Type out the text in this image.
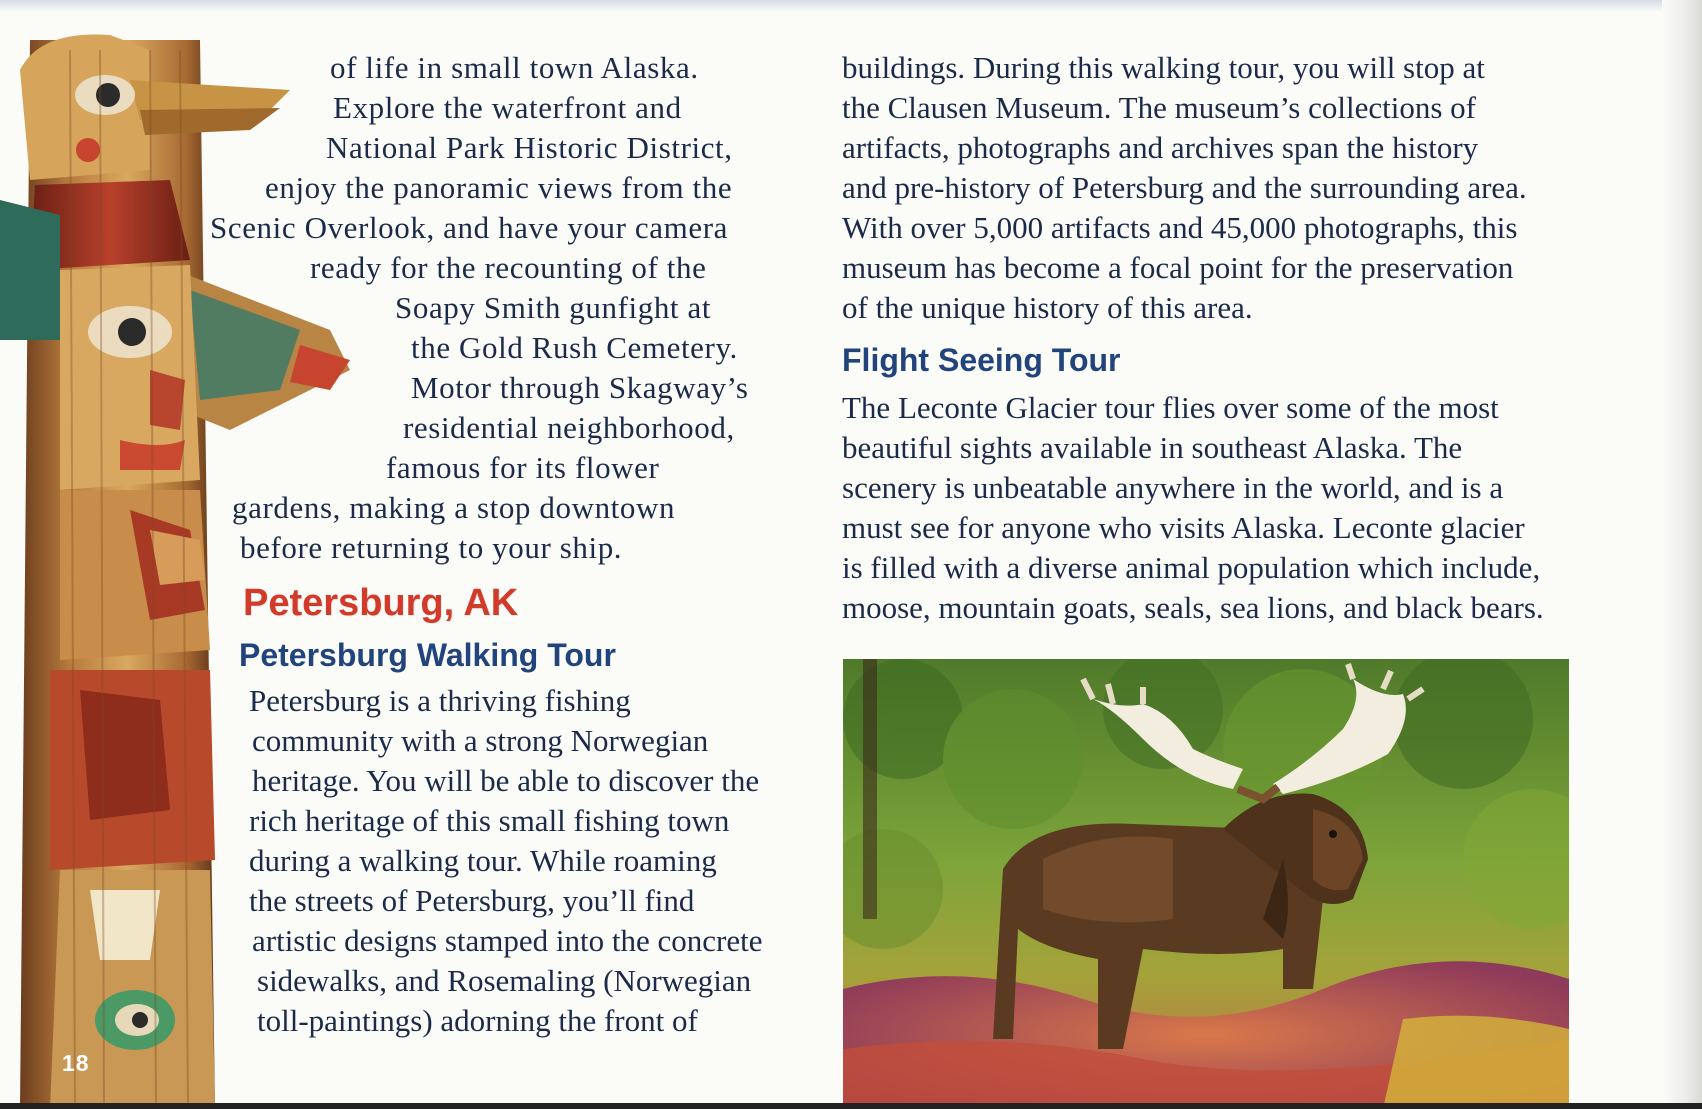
18
of life in small town Alaska.
Explore the waterfront and
National Park Historic District,
enjoy the panoramic views from the
Scenic Overlook, and have your camera
ready for the recounting of the
Soapy Smith gunfight at
the Gold Rush Cemetery.
Motor through Skagway’s
residential neighborhood,
famous for its flower
gardens, making a stop downtown
before returning to your ship.
Petersburg, AK
Petersburg Walking Tour
Petersburg is a thriving fishing
community with a strong Norwegian
heritage. You will be able to discover the
rich heritage of this small fishing town
during a walking tour. While roaming
the streets of Petersburg, you’ll find
artistic designs stamped into the concrete
sidewalks, and Rosemaling (Norwegian
toll-paintings) adorning the front of
buildings. During this walking tour, you will stop at
the Clausen Museum. The museum’s collections of
artifacts, photographs and archives span the history
and pre-history of Petersburg and the surrounding area.
With over 5,000 artifacts and 45,000 photographs, this
museum has become a focal point for the preservation
of the unique history of this area.
Flight Seeing Tour
The Leconte Glacier tour flies over some of the most
beautiful sights available in southeast Alaska. The
scenery is unbeatable anywhere in the world, and is a
must see for anyone who visits Alaska. Leconte glacier
is filled with a diverse animal population which include,
moose, mountain goats, seals, sea lions, and black bears.
